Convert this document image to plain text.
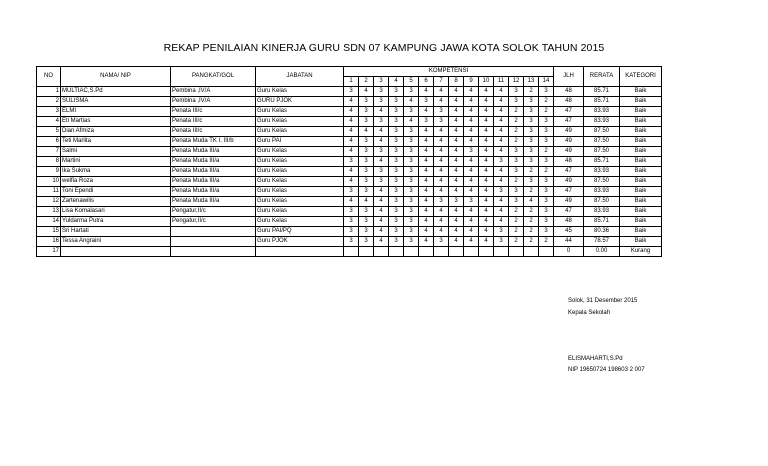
REKAP PENILAIAN KINERJA GURU SDN 07 KAMPUNG JAWA KOTA SOLOK TAHUN 2015
NO	NAMA/ NIP	PANGKAT/GOL	JABATAN	KOMPETENSI														JLH	RERATA	KATEGORI
				1	2	3	4	5	6	7	8	9	10	11	12	13	14			
1	MULTIAC,S.Pd	Pembina ,IV/A	Guru Kelas	3	4	3	3	3	4	4	4	4	4	4	3	2	3	48	85.71	Baik
2	SULISMA	Pembina ,IV/A	GURU PJOK	4	3	3	3	4	3	4	4	4	4	4	3	3	2	48	85.71	Baik
3	ELMI	Penata III/c	Guru Kelas	4	3	4	3	3	4	3	4	4	4	4	2	3	2	47	83.93	Baik
4	Eti Martias	Penata III/c	Guru Kelas	4	3	3	3	4	3	3	4	4	4	4	2	3	3	47	83.93	Baik
5	Dian Afmiza	Penata III/c	Guru Kelas	4	4	4	3	3	4	4	4	4	4	4	2	3	3	49	87.50	Baik
6	Teti Marlita	Penata Muda TK I. III/b	Guru PAI	4	3	4	3	3	4	4	4	4	4	4	2	3	3	49	87.50	Baik
7	Salmi	Penata Muda III/a	Guru Kelas	4	3	3	3	3	4	4	4	3	4	4	3	3	2	49	87.50	Baik
8	Martini	Penata Muda III/a	Guru Kelas	3	3	4	3	3	4	4	4	4	4	3	3	3	3	48	85.71	Baik
9	Ika Sukma	Penata Muda III/a	Guru Kelas	4	3	3	3	3	4	4	4	4	4	4	3	2	2	47	83.93	Baik
10	welfia Roza	Penata Muda III/a	Guru Kelas	4	3	3	3	3	4	4	4	4	4	4	2	3	3	49	87.50	Baik
11	Toni Ependi	Penata Muda III/a	Guru Kelas	3	3	4	3	3	4	4	4	4	4	3	3	2	3	47	83.93	Baik
12	Zartenawilis	Penata Muda III/a	Guru Kelas	4	4	4	3	3	4	3	3	3	4	4	3	4	3	49	87.50	Baik
13	Lisa Komalasari	Pengatur,II/c	Guru Kelas	3	3	4	3	3	4	4	4	4	4	4	2	2	3	47	83.93	Baik
14	Yuldarma Putra	Pengatur,II/c	Guru Kelas	3	3	4	3	3	4	4	4	4	4	4	2	2	3	48	85.71	Baik
15	Sri Hartati		Guru PAI/PQ	3	3	4	3	3	4	4	4	4	4	3	2	2	3	45	80.36	Baik
16	Tessa Angraini		Guru PJOK	3	3	4	3	3	4	3	4	4	4	3	2	2	2	44	78.57	Baik
17																		0	0.00	Kurang
Solok, 31 Desember 2015
Kepala Sekolah
ELISMAHARTI,S.Pd
NIP 19650724 198603 2 007
